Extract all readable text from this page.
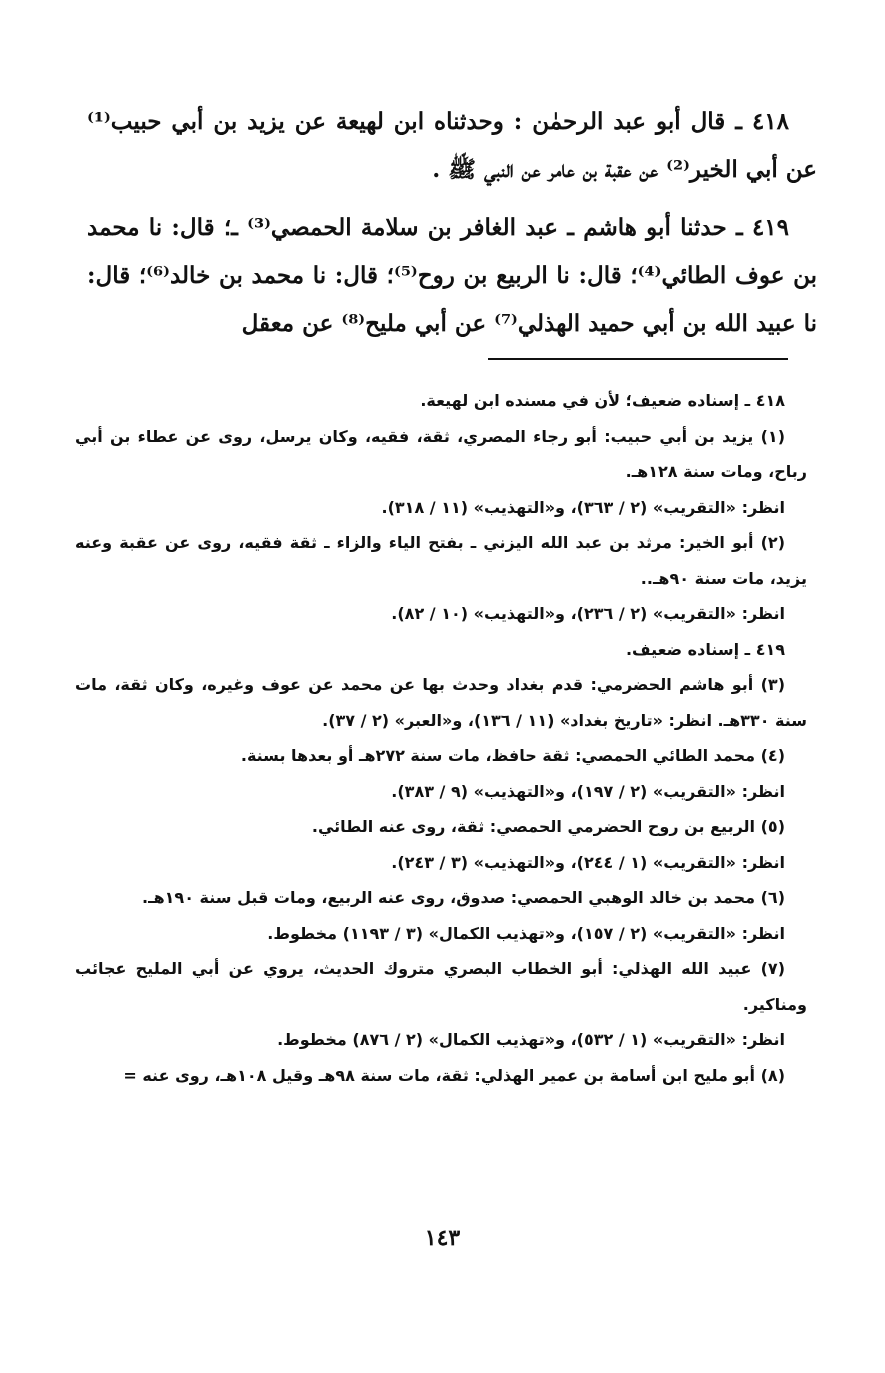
٤١٨ ـ قال أبو عبد الرحمٰن : وحدثناه ابن لهيعة عن يزيد بن أبي حبيب⁽¹⁾ عن أبي الخير⁽²⁾ عن عقبة بن عامر عن النبي ﷺ .

٤١٩ ـ حدثنا أبو هاشم ـ عبد الغافر بن سلامة الحمصي⁽³⁾ ـ؛ قال: نا محمد بن عوف الطائي⁽⁴⁾؛ قال: نا الربيع بن روح⁽⁵⁾؛ قال: نا محمد بن خالد⁽⁶⁾؛ قال: نا عبيد الله بن أبي حميد الهذلي⁽⁷⁾ عن أبي مليح⁽⁸⁾ عن معقل

٤١٨ ـ إسناده ضعيف؛ لأن في مسنده ابن لهيعة.

(١) يزيد بن أبي حبيب: أبو رجاء المصري، ثقة، فقيه، وكان يرسل، روى عن عطاء بن أبي رباح، ومات سنة ١٢٨هـ.

انظر: «التقريب» (٢ / ٣٦٣)، و«التهذيب» (١١ / ٣١٨).

(٢) أبو الخير: مرثد بن عبد الله اليزني ـ بفتح الياء والزاء ـ ثقة فقيه، روى عن عقبة وعنه يزيد، مات سنة ٩٠هـ..

انظر: «التقريب» (٢ / ٢٣٦)، و«التهذيب» (١٠ / ٨٢).

٤١٩ ـ إسناده ضعيف.

(٣) أبو هاشم الحضرمي: قدم بغداد وحدث بها عن محمد عن عوف وغيره، وكان ثقة، مات سنة ٣٣٠هـ. انظر: «تاريخ بغداد» (١١ / ١٣٦)، و«العبر» (٢ / ٣٧).

(٤) محمد الطائي الحمصي: ثقة حافظ، مات سنة ٢٧٢هـ أو بعدها بسنة.

انظر: «التقريب» (٢ / ١٩٧)، و«التهذيب» (٩ / ٣٨٣).

(٥) الربيع بن روح الحضرمي الحمصي: ثقة، روى عنه الطائي.

انظر: «التقريب» (١ / ٢٤٤)، و«التهذيب» (٣ / ٢٤٣).

(٦) محمد بن خالد الوهبي الحمصي: صدوق، روى عنه الربيع، ومات قبل سنة ١٩٠هـ.

انظر: «التقريب» (٢ / ١٥٧)، و«تهذيب الكمال» (٣ / ١١٩٣) مخطوط.

(٧) عبيد الله الهذلي: أبو الخطاب البصري متروك الحديث، يروي عن أبي المليح عجائب ومناكير.

انظر: «التقريب» (١ / ٥٣٢)، و«تهذيب الكمال» (٢ / ٨٧٦) مخطوط.

(٨) أبو مليح ابن أسامة بن عمير الهذلي: ثقة، مات سنة ٩٨هـ وقيل ١٠٨هـ، روى عنه =

١٤٣
